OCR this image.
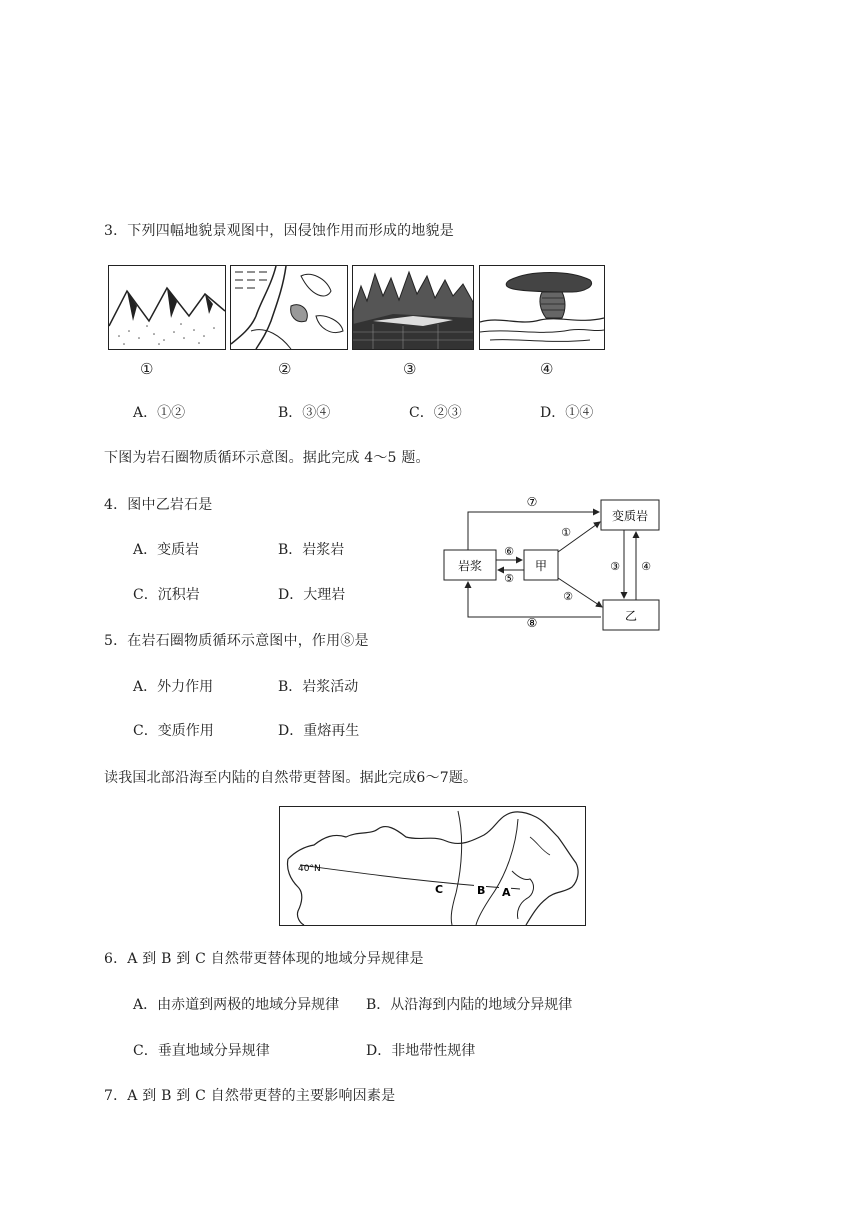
3．下列四幅地貌景观图中，因侵蚀作用而形成的地貌是
①	②	③	④
A．①②	B．③④	C．②③	D．①④
下图为岩石圈物质循环示意图。据此完成 4～5 题。
4．图中乙岩石是
A．变质岩	B．岩浆岩
C．沉积岩	D．大理岩
岩浆	甲
变质岩
乙
⑦
⑧
⑥
⑤
①
②
③ ④
5．在岩石圈物质循环示意图中，作用⑧是
A．外力作用	B．岩浆活动
C．变质作用	D．重熔再生
读我国北部沿海至内陆的自然带更替图。据此完成6～7题。
40°N
C	B A
6．A 到 B 到 C 自然带更替体现的地域分异规律是
A．由赤道到两极的地域分异规律 B．从沿海到内陆的地域分异规律
C．垂直地域分异规律	D．非地带性规律
7．A 到 B 到 C 自然带更替的主要影响因素是
